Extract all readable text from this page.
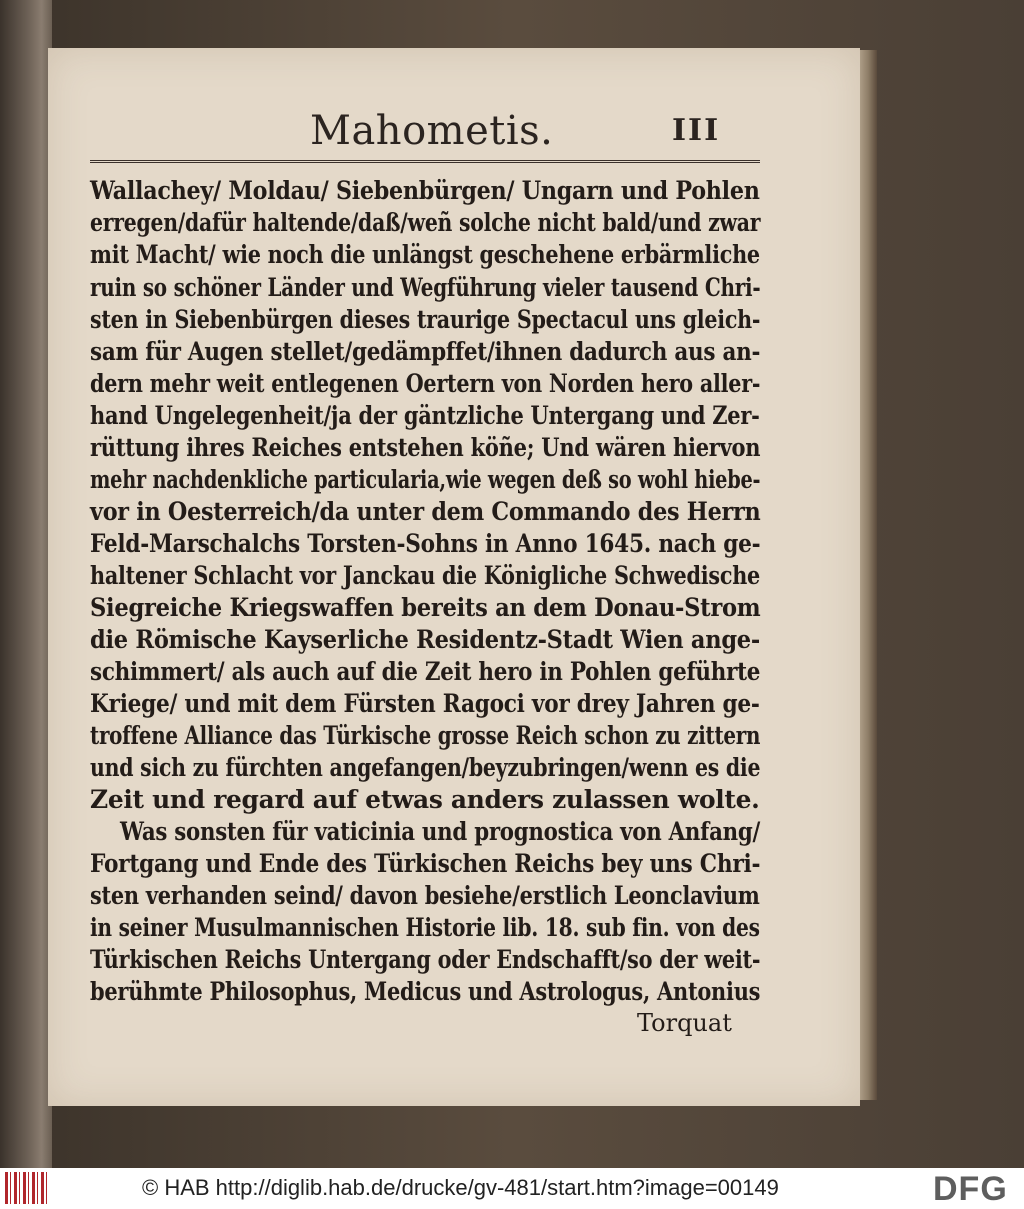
Mahometis.	III
Wallachey/ Moldau/ Siebenbürgen/ Ungarn und Pohlen
erregen/dafür haltende/daß/weñ solche nicht bald/und zwar
mit Macht/ wie noch die unlängst geschehene erbärmliche
ruin so schöner Länder und Wegführung vieler tausend Chri-
sten in Siebenbürgen dieses traurige Spectacul uns gleich-
sam für Augen stellet/gedämpffet/ihnen dadurch aus an-
dern mehr weit entlegenen Oertern von Norden hero aller-
hand Ungelegenheit/ja der gäntzliche Untergang und Zer-
rüttung ihres Reiches entstehen köñe; Und wären hiervon
mehr nachdenkliche particularia,wie wegen deß so wohl hiebe-
vor in Oesterreich/da unter dem Commando des Herrn
Feld-Marschalchs Torsten-Sohns in Anno 1645. nach ge-
haltener Schlacht vor Janckau die Königliche Schwedische
Siegreiche Kriegswaffen bereits an dem Donau-Strom
die Römische Kayserliche Residentz-Stadt Wien ange-
schimmert/ als auch auf die Zeit hero in Pohlen geführte
Kriege/ und mit dem Fürsten Ragoci vor drey Jahren ge-
troffene Alliance das Türkische grosse Reich schon zu zittern
und sich zu fürchten angefangen/beyzubringen/wenn es die
Zeit und regard auf etwas anders zulassen wolte.
Was sonsten für vaticinia und prognostica von Anfang/
Fortgang und Ende des Türkischen Reichs bey uns Chri-
sten verhanden seind/ davon besiehe/erstlich Leonclavium
in seiner Musulmannischen Historie lib. 18. sub fin. von des
Türkischen Reichs Untergang oder Endschafft/so der weit-
berühmte Philosophus, Medicus und Astrologus, Antonius
Torquat
© HAB http://diglib.hab.de/drucke/gv-481/start.htm?image=00149	DFG
